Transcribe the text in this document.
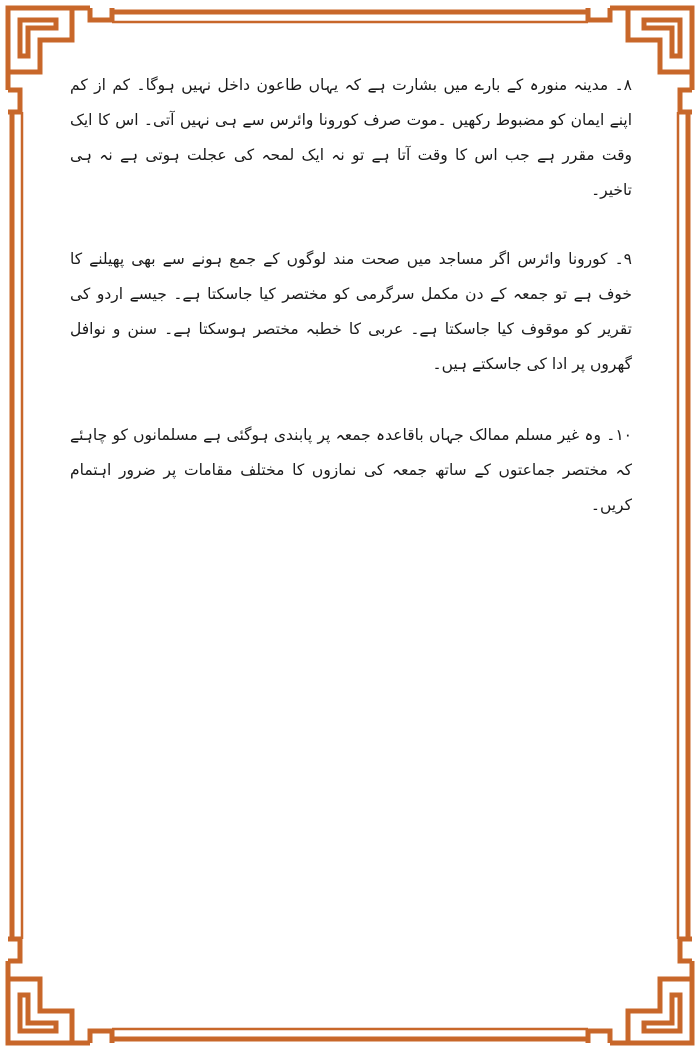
۸۔ مدینہ منورہ کے بارے میں بشارت ہے کہ یہاں طاعون داخل نہیں ہوگا۔ کم از کم اپنے ایمان کو مضبوط رکھیں ۔موت صرف کورونا وائرس سے ہی نہیں آتی۔ اس کا ایک وقت مقرر ہے جب اس کا وقت آتا ہے تو نہ ایک لمحہ کی عجلت ہوتی ہے نہ ہی تاخیر۔

۹۔ کورونا وائرس اگر مساجد میں صحت مند لوگوں کے جمع ہونے سے بھی پھیلنے کا خوف ہے تو جمعہ کے دن مکمل سرگرمی کو مختصر کیا جاسکتا ہے۔ جیسے اردو کی تقریر کو موقوف کیا جاسکتا ہے۔ عربی کا خطبہ مختصر ہوسکتا ہے۔ سنن و نوافل گھروں پر ادا کی جاسکتے ہیں۔

۱۰۔ وہ غیر مسلم ممالک جہاں باقاعدہ جمعہ پر پابندی ہوگئی ہے مسلمانوں کو چاہئے کہ مختصر جماعتوں کے ساتھ جمعہ کی نمازوں کا مختلف مقامات پر ضرور اہتمام کریں۔
